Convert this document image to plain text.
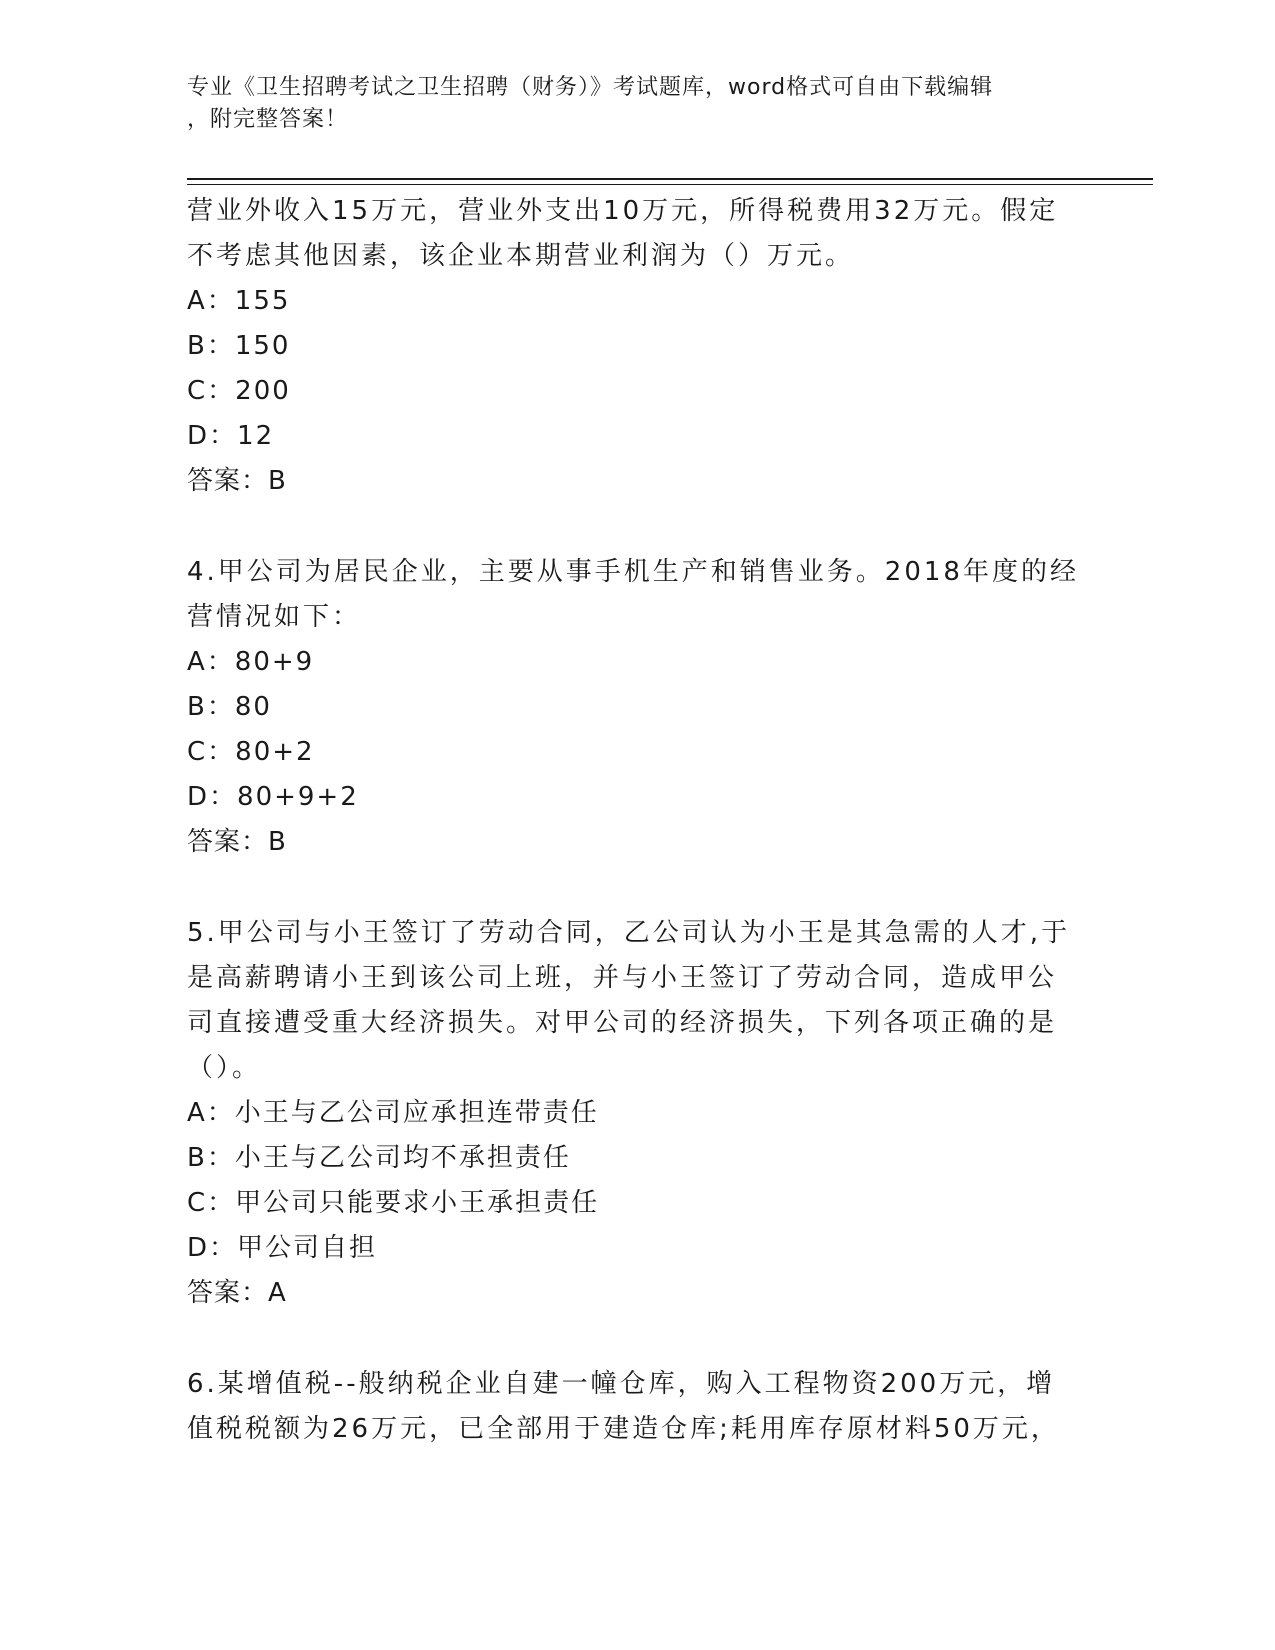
专业《卫生招聘考试之卫生招聘（财务）》考试题库，word格式可自由下载编辑
，附完整答案！

营业外收入15万元，营业外支出10万元，所得税费用32万元。假定

不考虑其他因素，该企业本期营业利润为（）万元。

A：155

B：150

C：200

D：12

答案：B

4.甲公司为居民企业，主要从事手机生产和销售业务。2018年度的经

营情况如下：

A：80+9

B：80

C：80+2

D：80+9+2

答案：B

5.甲公司与小王签订了劳动合同，乙公司认为小王是其急需的人才,于

是高薪聘请小王到该公司上班，并与小王签订了劳动合同，造成甲公

司直接遭受重大经济损失。对甲公司的经济损失，下列各项正确的是

（）。

A：小王与乙公司应承担连带责任

B：小王与乙公司均不承担责任

C：甲公司只能要求小王承担责任

D：甲公司自担

答案：A

6.某增值税--般纳税企业自建一幢仓库，购入工程物资200万元，增

值税税额为26万元，已全部用于建造仓库;耗用库存原材料50万元，
